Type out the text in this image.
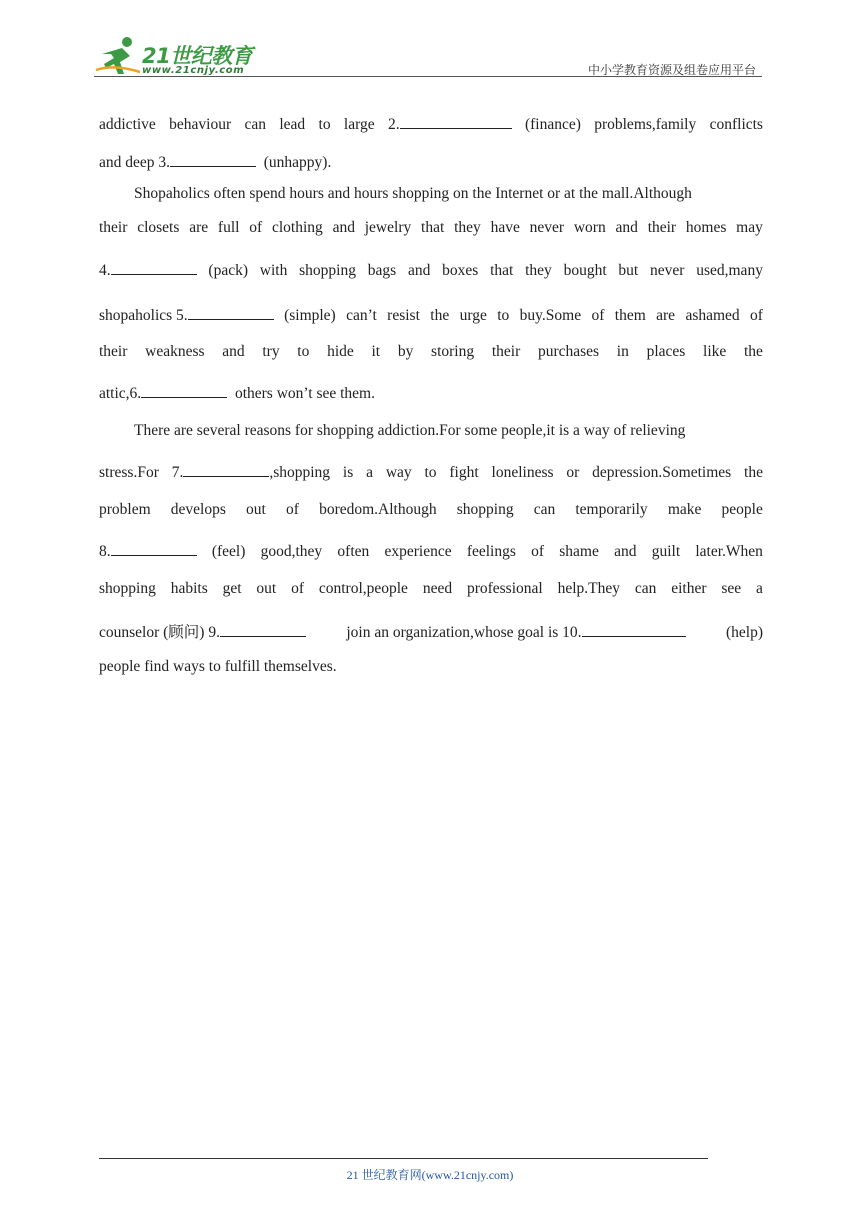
21世纪教育
www.21cnjy.com	中小学教育资源及组卷应用平台
addictive behaviour can lead to large 2.	(finance) problems,family conflicts
and deep 3.
	(unhappy).
Shopaholics often spend hours and hours shopping on the Internet or at the mall.Although
their closets are full of clothing and jewelry that they have never worn and their homes may
4.	(pack) with shopping bags and boxes that they bought but never used,many
shopaholics 5.	(simple) can’t resist the urge to buy.Some of them are ashamed of
their weakness and try to hide it by storing their purchases in places like the
attic,6.
	others won’t see them.
There are several reasons for shopping addiction.For some people,it is a way of relieving
stress.For 7.	,shopping is a way to fight loneliness or depression.Sometimes the
problem develops out of boredom.Although shopping can temporarily make people
8.	(feel) good,they often experience feelings of shame and guilt later.When
shopping habits get out of control,people need professional help.They can either see a
counselor (顾问) 9.	join an organization,whose goal is 10.	(help)
people find ways to fulfill themselves.
21 世纪教育网(www.21cnjy.com)
